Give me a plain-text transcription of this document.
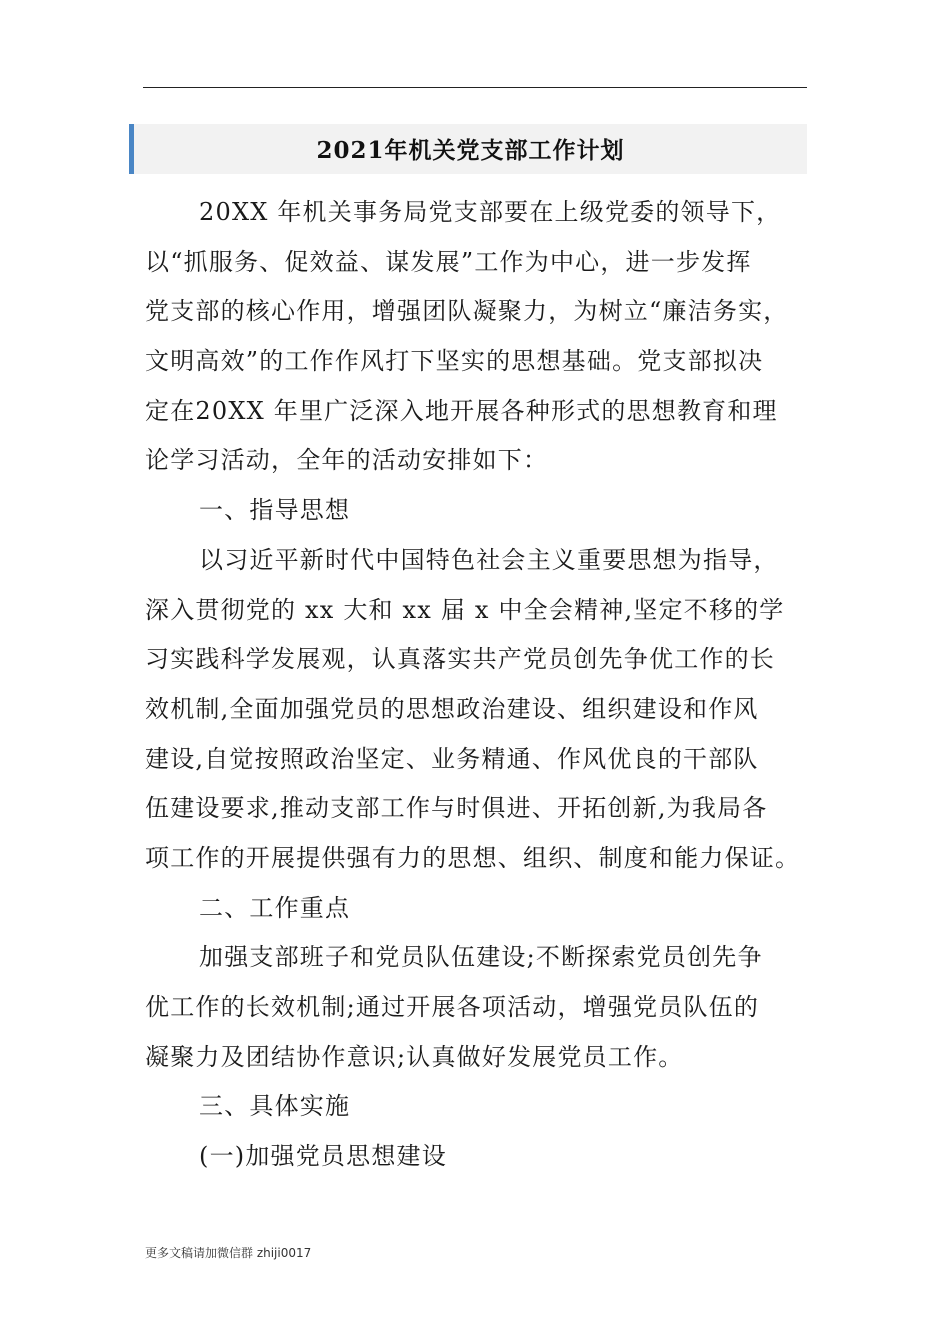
2021年机关党支部工作计划
20XX 年机关事务局党支部要在上级党委的领导下，
以“抓服务、促效益、谋发展”工作为中心，进一步发挥
党支部的核心作用，增强团队凝聚力，为树立“廉洁务实，
文明高效”的工作作风打下坚实的思想基础。党支部拟决
定在20XX 年里广泛深入地开展各种形式的思想教育和理
论学习活动，全年的活动安排如下：
一、指导思想
以习近平新时代中国特色社会主义重要思想为指导，
深入贯彻党的 xx 大和 xx 届 x 中全会精神,坚定不移的学
习实践科学发展观，认真落实共产党员创先争优工作的长
效机制,全面加强党员的思想政治建设、组织建设和作风
建设,自觉按照政治坚定、业务精通、作风优良的干部队
伍建设要求,推动支部工作与时俱进、开拓创新,为我局各
项工作的开展提供强有力的思想、组织、制度和能力保证。
二、工作重点
加强支部班子和党员队伍建设;不断探索党员创先争
优工作的长效机制;通过开展各项活动，增强党员队伍的
凝聚力及团结协作意识;认真做好发展党员工作。
三、具体实施
(一)加强党员思想建设
更多文稿请加微信群 zhiji0017
